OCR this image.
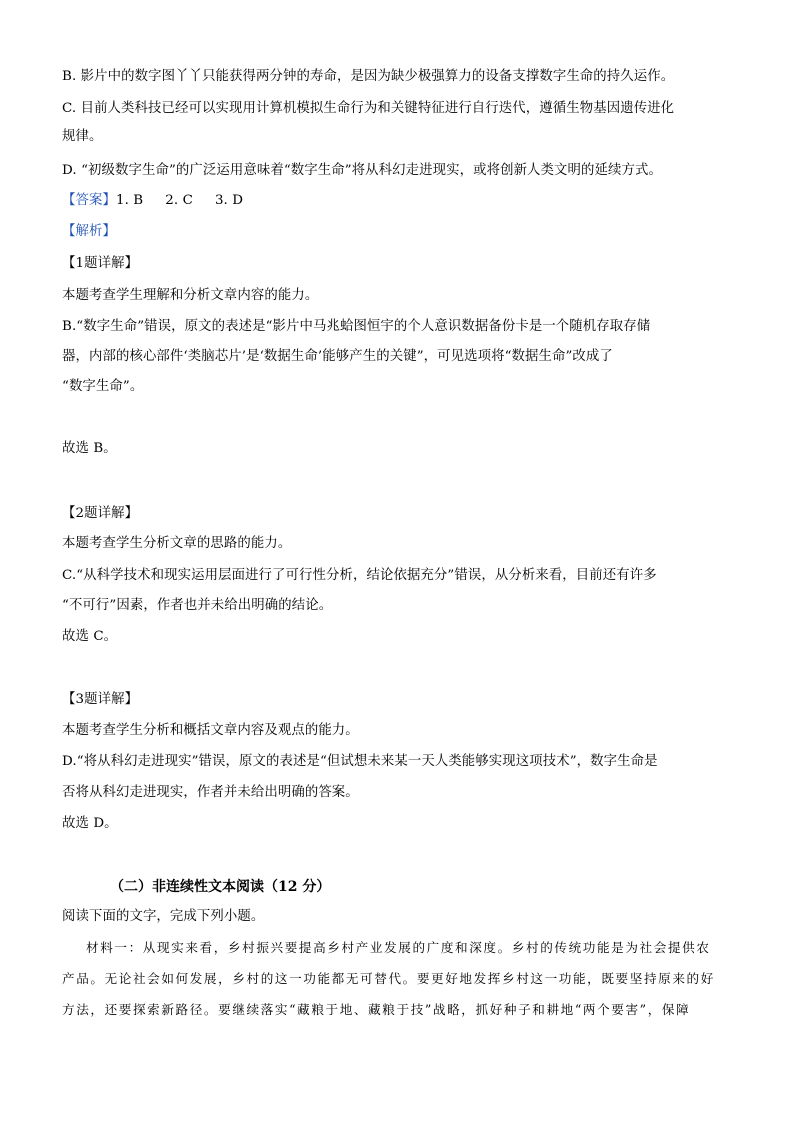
B. 影片中的数字图丫丫只能获得两分钟的寿命，是因为缺少极强算力的设备支撑数字生命的持久运作。
C. 目前人类科技已经可以实现用计算机模拟生命行为和关键特征进行自行迭代，遵循生物基因遗传进化
规律。
D. “初级数字生命”的广泛运用意味着“数字生命”将从科幻走进现实，或将创新人类文明的延续方式。
【答案】1. B 2. C 3. D
【解析】
【1题详解】
本题考查学生理解和分析文章内容的能力。
B.“数字生命”错误，原文的表述是“影片中马兆蛤图恒宇的个人意识数据备份卡是一个随机存取存储
器，内部的核心部件‘类脑芯片’是‘数据生命’能够产生的关键”，可见选项将“数据生命”改成了
“数字生命”。
故选 B。
【2题详解】
本题考查学生分析文章的思路的能力。
C.“从科学技术和现实运用层面进行了可行性分析，结论依据充分”错误，从分析来看，目前还有许多
“不可行”因素，作者也并未给出明确的结论。
故选 C。
【3题详解】
本题考查学生分析和概括文章内容及观点的能力。
D.“将从科幻走进现实”错误，原文的表述是“但试想未来某一天人类能够实现这项技术”，数字生命是
否将从科幻走进现实，作者并未给出明确的答案。
故选 D。
（二）非连续性文本阅读（12 分）
阅读下面的文字，完成下列小题。
材料一：从现实来看，乡村振兴要提高乡村产业发展的广度和深度。乡村的传统功能是为社会提供农
产品。无论社会如何发展，乡村的这一功能都无可替代。要更好地发挥乡村这一功能，既要坚持原来的好
方法，还要探索新路径。要继续落实“藏粮于地、藏粮于技”战略，抓好种子和耕地“两个要害”，保障
